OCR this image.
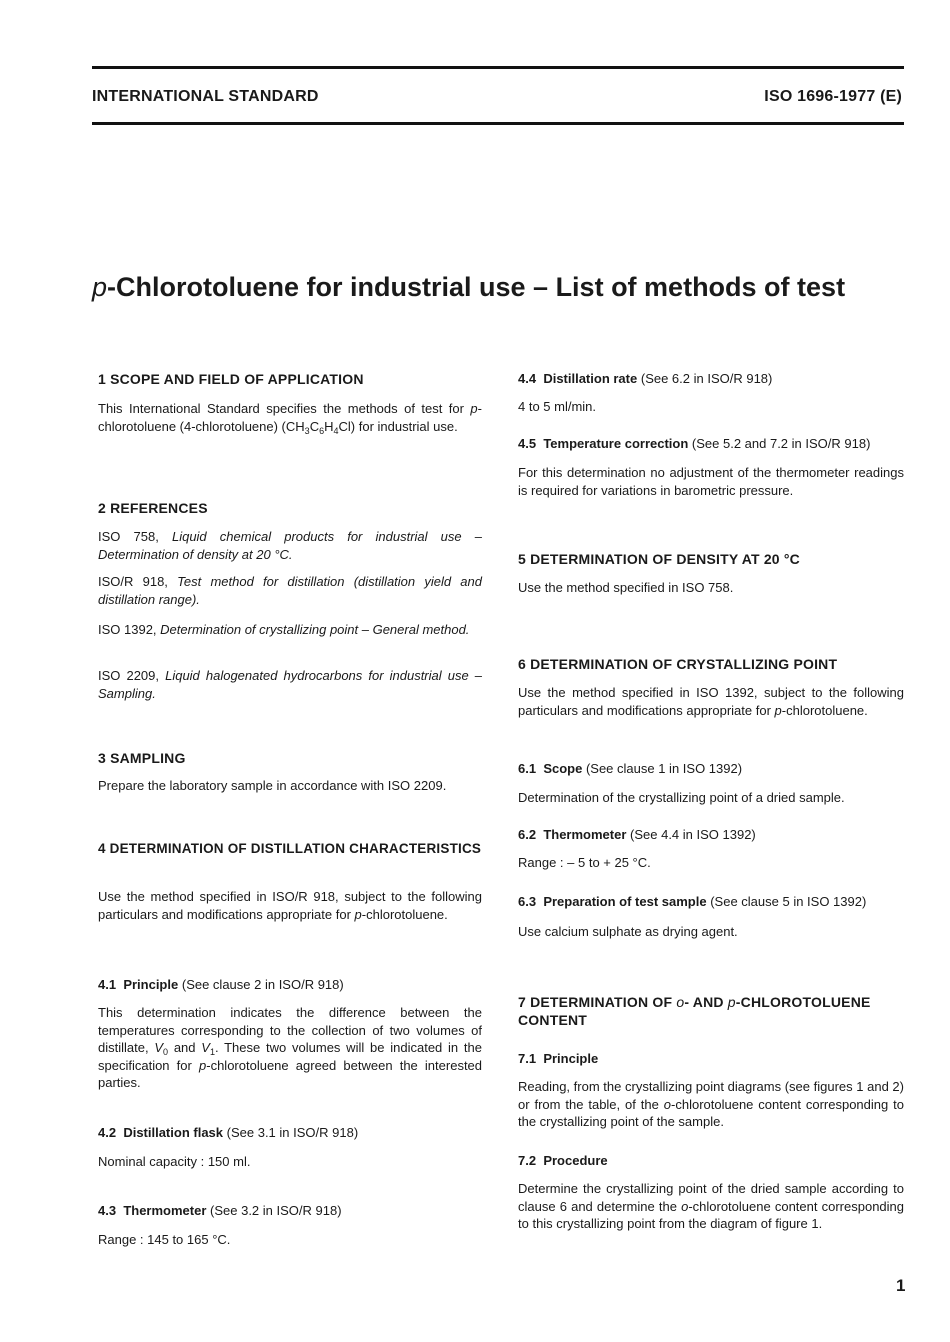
INTERNATIONAL STANDARD	ISO 1696-1977 (E)
p-Chlorotoluene for industrial use – List of methods of test

1 SCOPE AND FIELD OF APPLICATION

This International Standard specifies the methods of test for p-chlorotoluene (4-chlorotoluene) $(CH_3C_6H_4Cl)$ for industrial use.

2 REFERENCES

ISO 758, Liquid chemical products for industrial use – Determination of density at 20 °C.

ISO/R 918, Test method for distillation (distillation yield and distillation range).

ISO 1392, Determination of crystallizing point – General method.

ISO 2209, Liquid halogenated hydrocarbons for industrial use – Sampling.

3 SAMPLING

Prepare the laboratory sample in accordance with ISO 2209.

4 DETERMINATION OF DISTILLATION CHARACTERISTICS

Use the method specified in ISO/R 918, subject to the following particulars and modifications appropriate for p-chlorotoluene.

4.1 Principle (See clause 2 in ISO/R 918)

This determination indicates the difference between the temperatures corresponding to the collection of two volumes of distillate, $V_0$ and $V_1$. These two volumes will be indicated in the specification for p-chlorotoluene agreed between the interested parties.

4.2 Distillation flask (See 3.1 in ISO/R 918)

Nominal capacity : 150 ml.

4.3 Thermometer (See 3.2 in ISO/R 918)

Range : 145 to 165 °C.

4.4 Distillation rate (See 6.2 in ISO/R 918)

4 to 5 ml/min.

4.5 Temperature correction (See 5.2 and 7.2 in ISO/R 918)

For this determination no adjustment of the thermometer readings is required for variations in barometric pressure.

5 DETERMINATION OF DENSITY AT 20 °C

Use the method specified in ISO 758.

6 DETERMINATION OF CRYSTALLIZING POINT

Use the method specified in ISO 1392, subject to the following particulars and modifications appropriate for p-chlorotoluene.

6.1 Scope (See clause 1 in ISO 1392)

Determination of the crystallizing point of a dried sample.

6.2 Thermometer (See 4.4 in ISO 1392)

Range : – 5 to + 25 °C.

6.3 Preparation of test sample (See clause 5 in ISO 1392)

Use calcium sulphate as drying agent.

7 DETERMINATION OF o- AND p-CHLOROTOLUENE CONTENT

7.1 Principle

Reading, from the crystallizing point diagrams (see figures 1 and 2) or from the table, of the o-chlorotoluene content corresponding to the crystallizing point of the sample.

7.2 Procedure

Determine the crystallizing point of the dried sample according to clause 6 and determine the o-chlorotoluene content corresponding to this crystallizing point from the diagram of figure 1.

1
